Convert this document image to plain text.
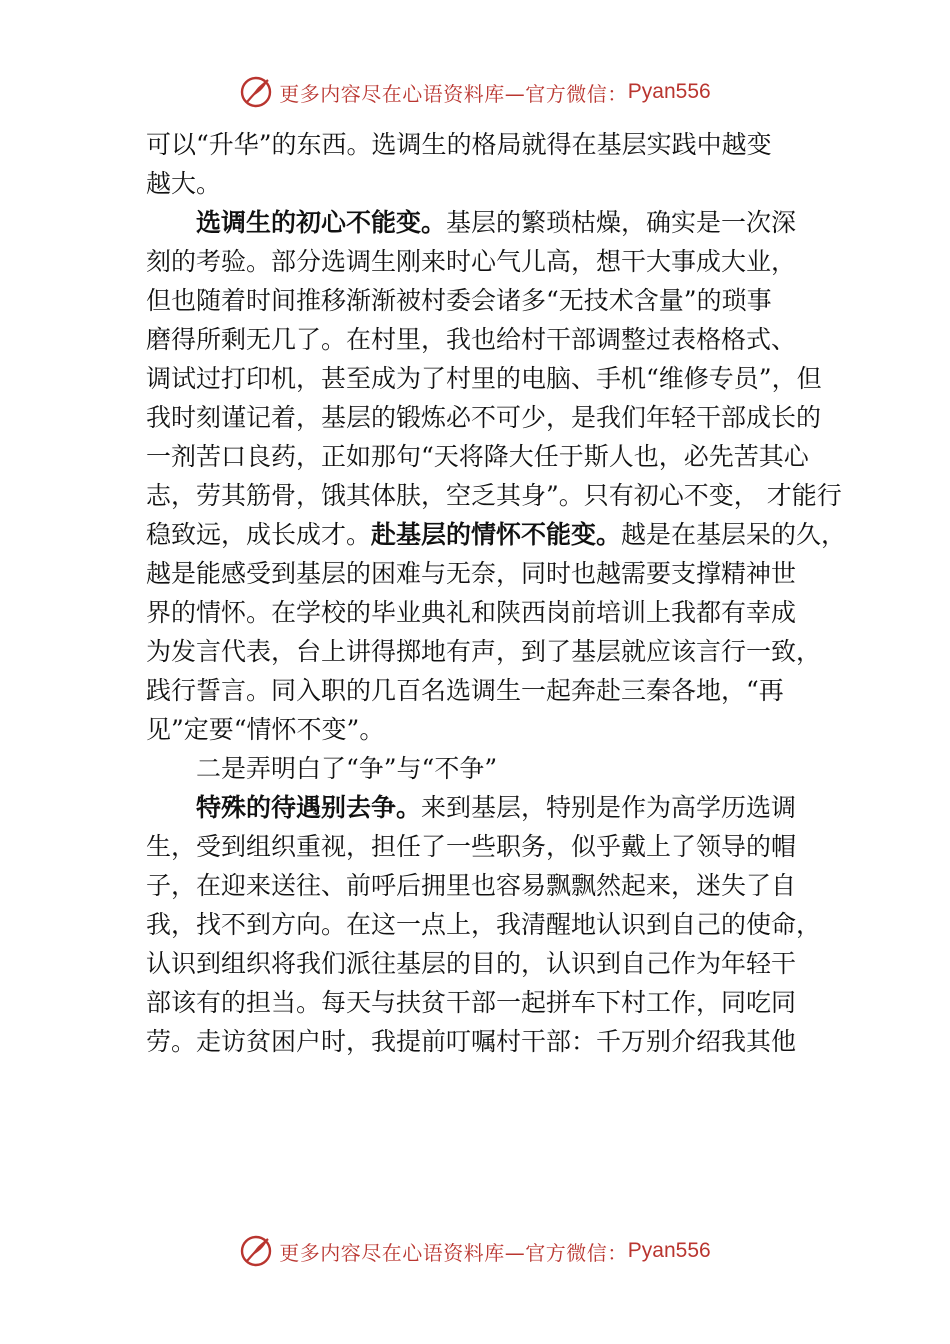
更多内容尽在心语资料库—官方微信： Pyan556
可以“升华”的东西。选调生的格局就得在基层实践中越变
越大。
选调生的初心不能变。基层的繁琐枯燥，确实是一次深
刻的考验。部分选调生刚来时心气儿高，想干大事成大业，
但也随着时间推移渐渐被村委会诸多“无技术含量”的琐事
磨得所剩无几了。在村里，我也给村干部调整过表格格式、
调试过打印机，甚至成为了村里的电脑、手机“维修专员”，但
我时刻谨记着，基层的锻炼必不可少，是我们年轻干部成长的
一剂苦口良药，正如那句“天将降大任于斯人也，必先苦其心
志，劳其筋骨，饿其体肤，空乏其身”。只有初心不变， 才能行
稳致远，成长成才。赴基层的情怀不能变。越是在基层呆的久，
越是能感受到基层的困难与无奈，同时也越需要支撑精神世
界的情怀。在学校的毕业典礼和陕西岗前培训上我都有幸成
为发言代表，台上讲得掷地有声，到了基层就应该言行一致，
践行誓言。同入职的几百名选调生一起奔赴三秦各地，“再
见”定要“情怀不变”。
二是弄明白了“争”与“不争”
特殊的待遇别去争。来到基层，特别是作为高学历选调
生，受到组织重视，担任了一些职务，似乎戴上了领导的帽
子，在迎来送往、前呼后拥里也容易飘飘然起来，迷失了自
我，找不到方向。在这一点上，我清醒地认识到自己的使命，
认识到组织将我们派往基层的目的，认识到自己作为年轻干
部该有的担当。每天与扶贫干部一起拼车下村工作，同吃同
劳。走访贫困户时，我提前叮嘱村干部：千万别介绍我其他
更多内容尽在心语资料库—官方微信： Pyan556
